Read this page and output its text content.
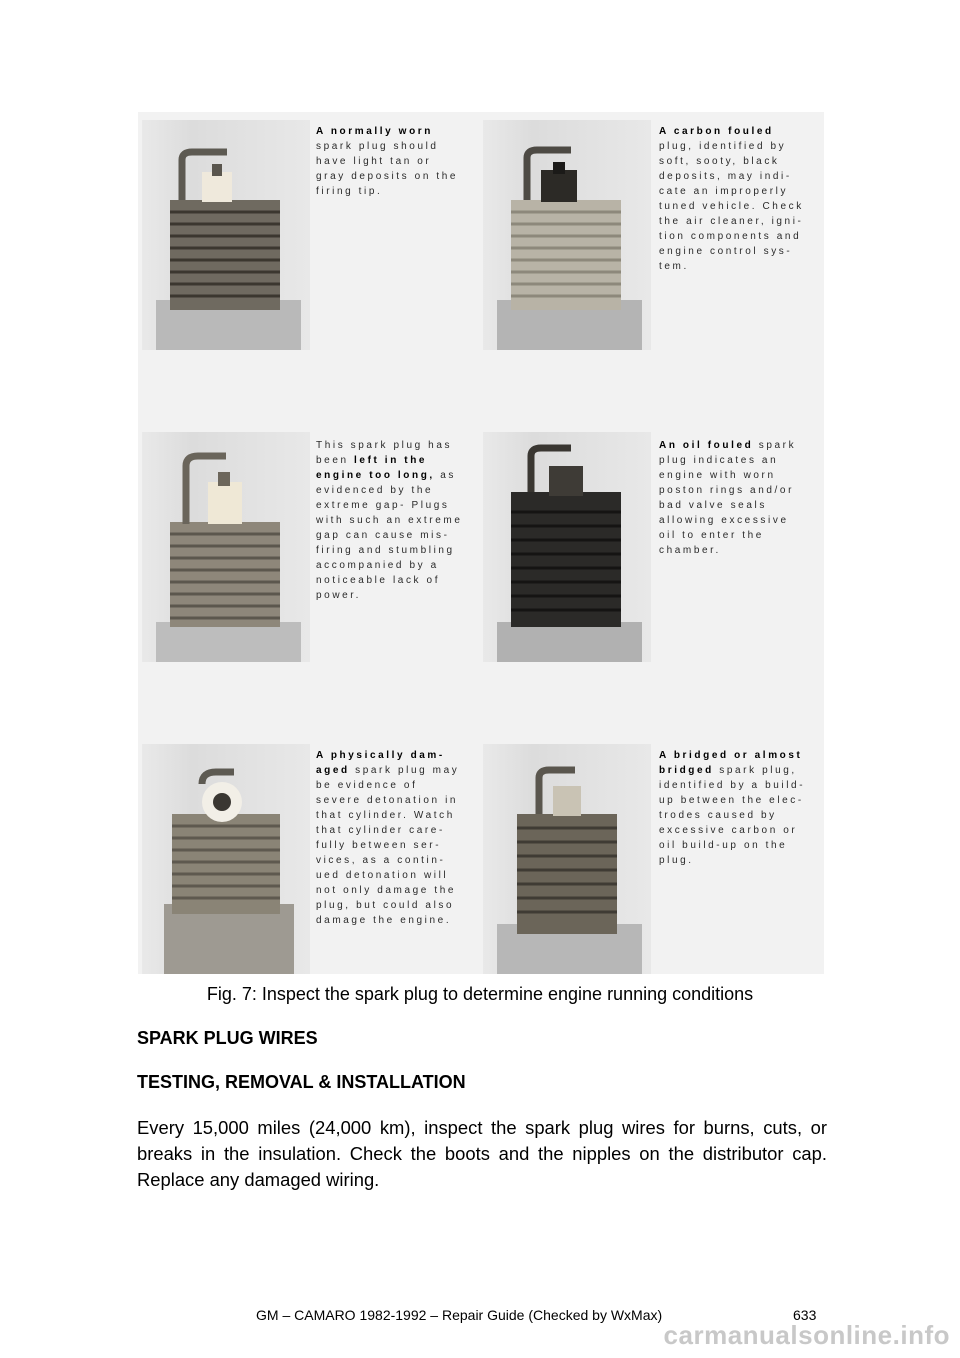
A normally worn
spark plug should
have light tan or
gray deposits on the
firing tip.
A carbon fouled
plug, identified by
soft, sooty, black
deposits, may indi-
cate an improperly
tuned vehicle. Check
the air cleaner, igni-
tion components and
engine control sys-
tem.
This spark plug has
been left in the
engine too long, as
evidenced by the
extreme gap- Plugs
with such an extreme
gap can cause mis-
firing and stumbling
accompanied by a
noticeable lack of
power.
An oil fouled spark
plug indicates an
engine with worn
poston rings and/or
bad valve seals
allowing excessive
oil to enter the
chamber.
A physically dam-
aged spark plug may
be evidence of
severe detonation in
that cylinder. Watch
that cylinder care-
fully between ser-
vices, as a contin-
ued detonation will
not only damage the
plug, but could also
damage the engine.
A bridged or almost
bridged spark plug,
identified by a build-
up between the elec-
trodes caused by
excessive carbon or
oil build-up on the
plug.
Fig. 7: Inspect the spark plug to determine engine running conditions
SPARK PLUG WIRES
TESTING, REMOVAL & INSTALLATION
Every 15,000 miles (24,000 km), inspect the spark plug wires for burns, cuts, or breaks in the insulation. Check the boots and the nipples on the distributor cap. Replace any damaged wiring.
GM – CAMARO 1982-1992 – Repair Guide (Checked by WxMax)	633
carmanualsonline.info
